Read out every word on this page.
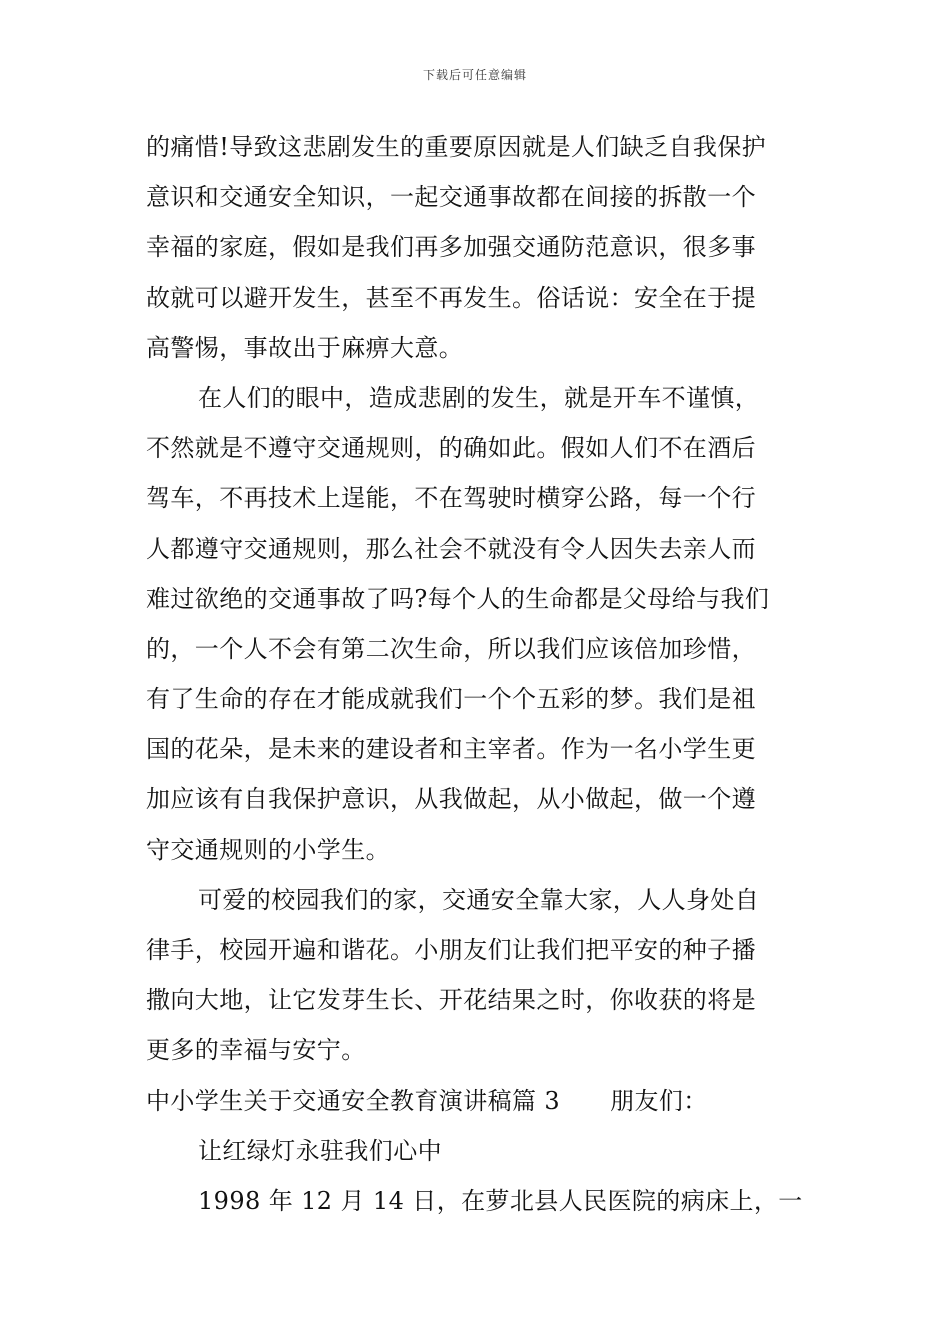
下载后可任意编辑
的痛惜!导致这悲剧发生的重要原因就是人们缺乏自我保护
意识和交通安全知识，一起交通事故都在间接的拆散一个
幸福的家庭，假如是我们再多加强交通防范意识，很多事
故就可以避开发生，甚至不再发生。俗话说：安全在于提
高警惕，事故出于麻痹大意。
在人们的眼中，造成悲剧的发生，就是开车不谨慎，
不然就是不遵守交通规则，的确如此。假如人们不在酒后
驾车，不再技术上逞能，不在驾驶时横穿公路，每一个行
人都遵守交通规则，那么社会不就没有令人因失去亲人而
难过欲绝的交通事故了吗?每个人的生命都是父母给与我们
的，一个人不会有第二次生命，所以我们应该倍加珍惜，
有了生命的存在才能成就我们一个个五彩的梦。我们是祖
国的花朵，是未来的建设者和主宰者。作为一名小学生更
加应该有自我保护意识，从我做起，从小做起，做一个遵
守交通规则的小学生。
可爱的校园我们的家，交通安全靠大家，人人身处自
律手，校园开遍和谐花。小朋友们让我们把平安的种子播
撒向大地，让它发芽生长、开花结果之时，你收获的将是
更多的幸福与安宁。
中小学生关于交通安全教育演讲稿篇 3 朋友们：
让红绿灯永驻我们心中
1998 年 12 月 14 日，在萝北县人民医院的病床上，一
